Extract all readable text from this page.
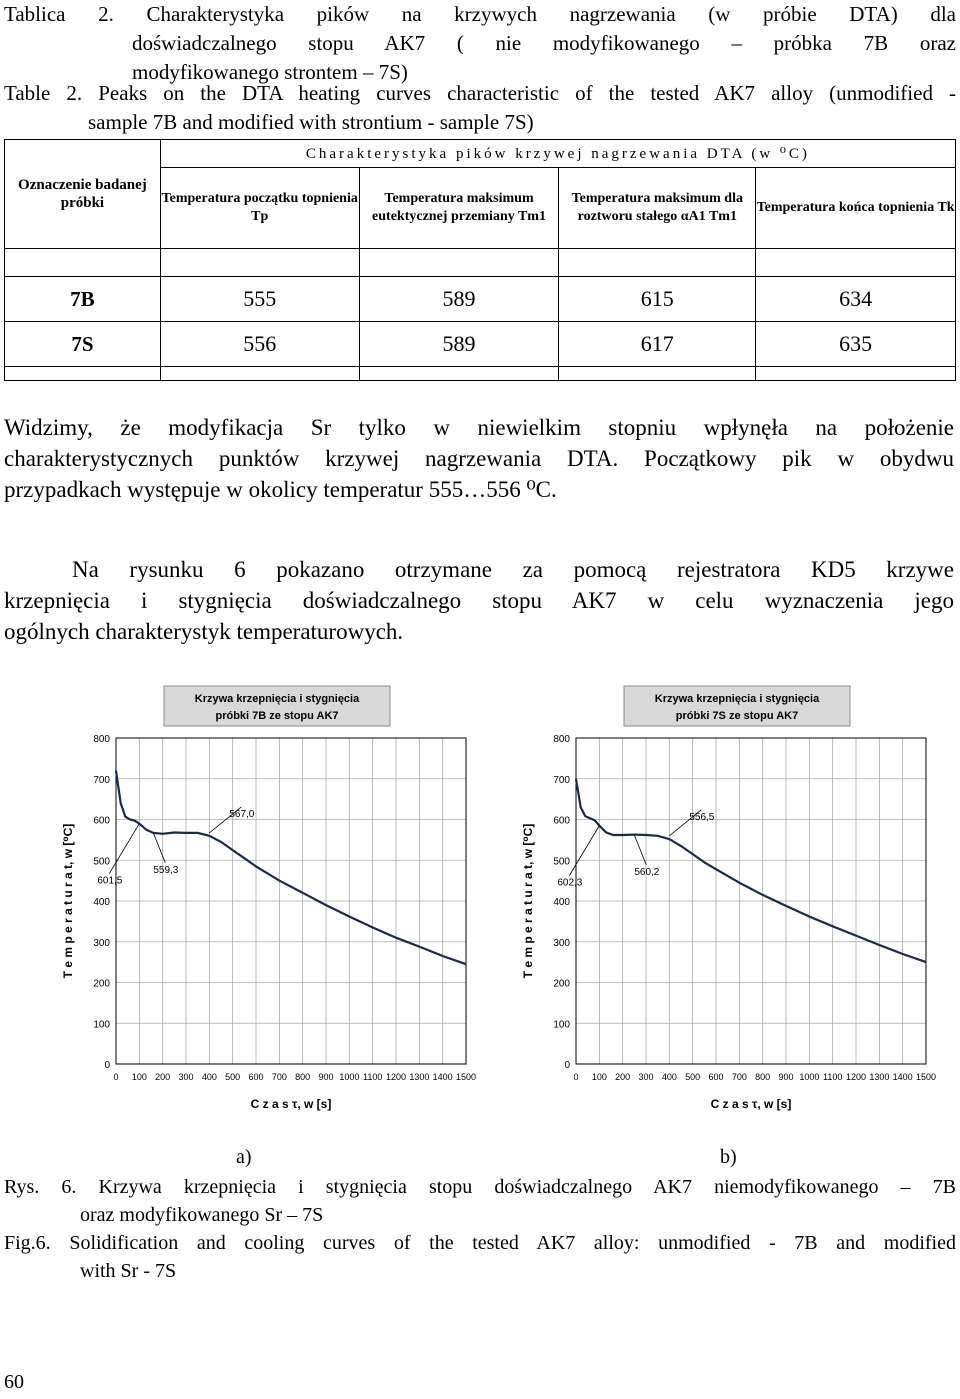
Tablica 2. Charakterystyka pików na krzywych nagrzewania (w próbie DTA) dla
doświadczalnego stopu AK7 ( nie modyfikowanego – próbka 7B oraz
modyfikowanego strontem – 7S)
Table 2. Peaks on the DTA heating curves characteristic of the tested AK7 alloy (unmodified -
sample 7B and modified with strontium - sample 7S)
Oznaczenie badanej próbki	Charakterystyka pików krzywej nagrzewania DTA (w ⁰C)			
	Temperatura początku topnienia Tp	Temperatura maksimum eutektycznej przemiany Tm1	Temperatura maksimum dla roztworu stałego αA1 Tm1	Temperatura końca topnienia Tk

7B	555	589	615	634
7S	556	589	617	635

Widzimy, że modyfikacja Sr tylko w niewielkim stopniu wpłynęła na położenie
charakterystycznych punktów krzywej nagrzewania DTA. Początkowy pik w obydwu
przypadkach występuje w okolicy temperatur 555…556 ⁰C.
Na rysunku 6 pokazano otrzymane za pomocą rejestratora KD5 krzywe
krzepnięcia i stygnięcia doświadczalnego stopu AK7 w celu wyznaczenia jego
ogólnych charakterystyk temperaturowych.
Krzywa krzepnięcia i stygnięcia
próbki 7B ze stopu AK7
0
100
200
300
400
500
600
700
800
0 100 200 300 400 500 600 700 800 900 1000 1100 1200 1300 1400 1500
601,5
559,3
567,0
C z a s τ, w [s]
T e m p e r a t u r a t, w [⁰C]
Krzywa krzepnięcia i stygnięcia
próbki 7S ze stopu AK7
0
100
200
300
400
500
600
700
800
0 100 200 300 400 500 600 700 800 900 1000 1100 1200 1300 1400 1500
602,3
560,2
556,5
C z a s τ, w [s]
T e m p e r a t u r a t, w [⁰C]
a)	b)
Rys. 6. Krzywa krzepnięcia i stygnięcia stopu doświadczalnego AK7 niemodyfikowanego – 7B
oraz modyfikowanego Sr – 7S
Fig.6. Solidification and cooling curves of the tested AK7 alloy: unmodified - 7B and modified
with Sr - 7S
60
